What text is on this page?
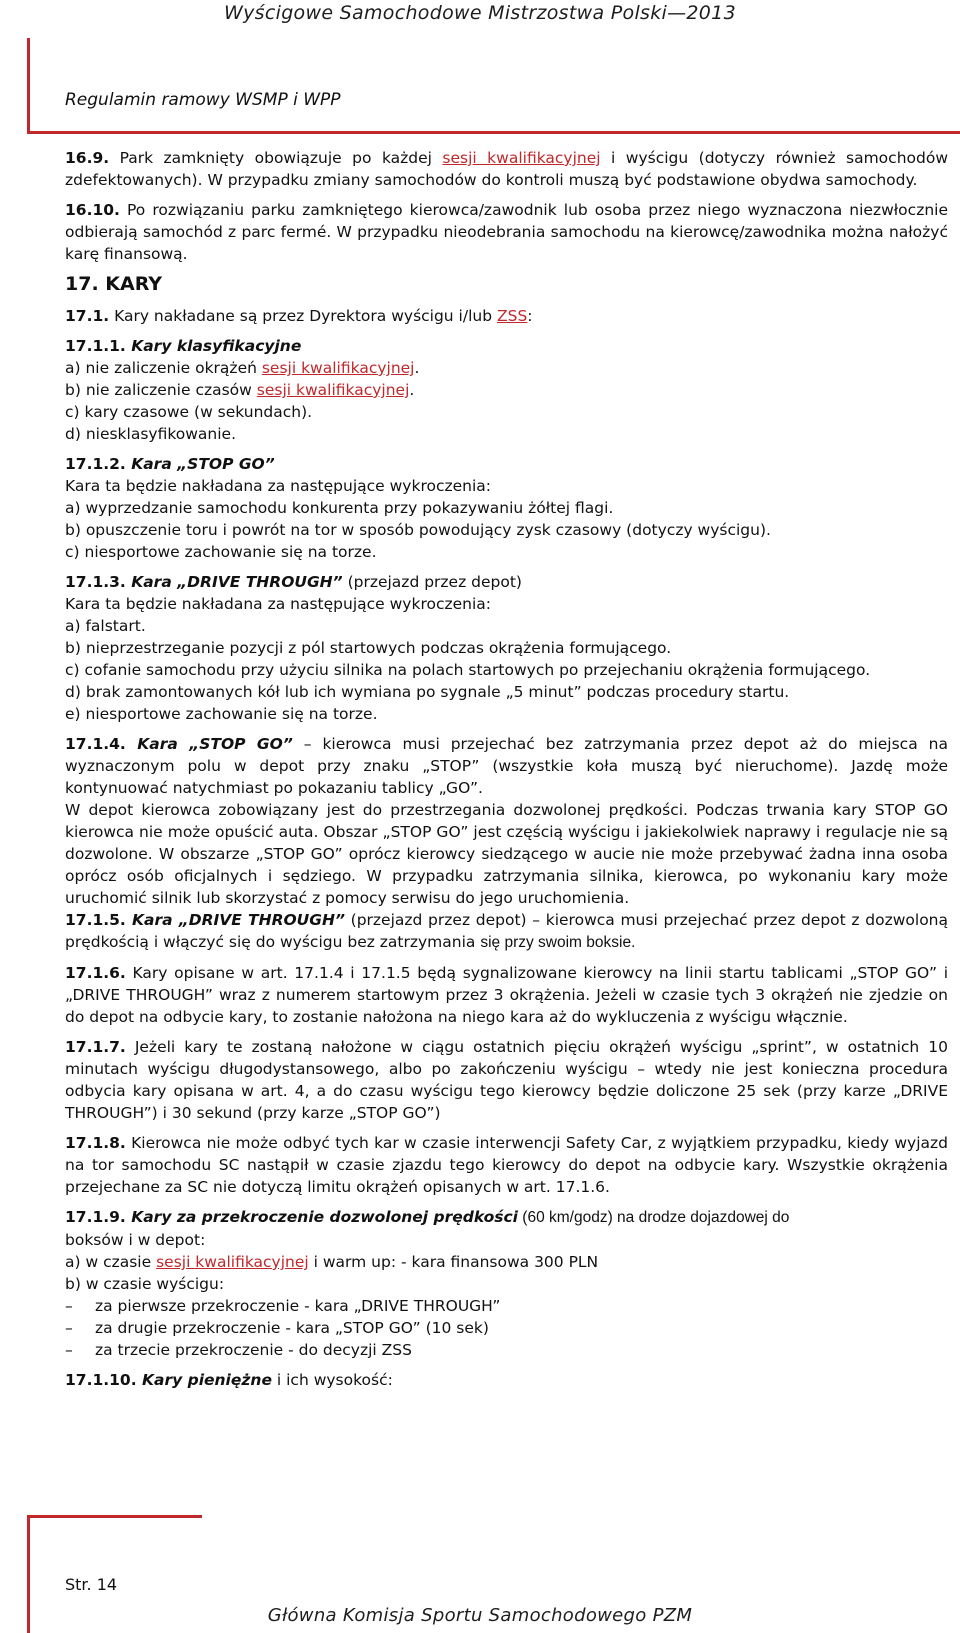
Wyścigowe Samochodowe Mistrzostwa Polski—2013
Regulamin ramowy WSMP i WPP

16.9. Park zamknięty obowiązuje po każdej sesji kwalifikacyjnej i wyścigu (dotyczy również samochodów zdefektowanych). W przypadku zmiany samochodów do kontroli muszą być podstawione obydwa samochody.

16.10. Po rozwiązaniu parku zamkniętego kierowca/zawodnik lub osoba przez niego wyznaczona niezwłocznie odbierają samochód z parc fermé. W przypadku nieodebrania samochodu na kierowcę/zawodnika można nałożyć karę finansową.

17. KARY

17.1. Kary nakładane są przez Dyrektora wyścigu i/lub ZSS:

17.1.1. Kary klasyfikacyjne

a) nie zaliczenie okrążeń sesji kwalifikacyjnej.

b) nie zaliczenie czasów sesji kwalifikacyjnej.

c) kary czasowe (w sekundach).

d) niesklasyfikowanie.

17.1.2. Kara „STOP GO”

Kara ta będzie nakładana za następujące wykroczenia:

a) wyprzedzanie samochodu konkurenta przy pokazywaniu żółtej flagi.

b) opuszczenie toru i powrót na tor w sposób powodujący zysk czasowy (dotyczy wyścigu).

c) niesportowe zachowanie się na torze.

17.1.3. Kara „DRIVE THROUGH” (przejazd przez depot)

Kara ta będzie nakładana za następujące wykroczenia:

a) falstart.

b) nieprzestrzeganie pozycji z pól startowych podczas okrążenia formującego.

c) cofanie samochodu przy użyciu silnika na polach startowych po przejechaniu okrążenia formującego.

d) brak zamontowanych kół lub ich wymiana po sygnale „5 minut” podczas procedury startu.

e) niesportowe zachowanie się na torze.

17.1.4. Kara „STOP GO” – kierowca musi przejechać bez zatrzymania przez depot aż do miejsca na wyznaczonym polu w depot przy znaku „STOP” (wszystkie koła muszą być nieruchome). Jazdę może kontynuować natychmiast po pokazaniu tablicy „GO”.

W depot kierowca zobowiązany jest do przestrzegania dozwolonej prędkości. Podczas trwania kary STOP GO kierowca nie może opuścić auta. Obszar „STOP GO” jest częścią wyścigu i jakiekolwiek naprawy i regulacje nie są dozwolone. W obszarze „STOP GO” oprócz kierowcy siedzącego w aucie nie może przebywać żadna inna osoba oprócz osób oficjalnych i sędziego. W przypadku zatrzymania silnika, kierowca, po wykonaniu kary może uruchomić silnik lub skorzystać z pomocy serwisu do jego uruchomienia.

17.1.5. Kara „DRIVE THROUGH” (przejazd przez depot) – kierowca musi przejechać przez depot z dozwoloną prędkością i włączyć się do wyścigu bez zatrzymania się przy swoim boksie.

17.1.6. Kary opisane w art. 17.1.4 i 17.1.5 będą sygnalizowane kierowcy na linii startu tablicami „STOP GO” i „DRIVE THROUGH” wraz z numerem startowym przez 3 okrążenia. Jeżeli w czasie tych 3 okrążeń nie zjedzie on do depot na odbycie kary, to zostanie nałożona na niego kara aż do wykluczenia z wyścigu włącznie.

17.1.7. Jeżeli kary te zostaną nałożone w ciągu ostatnich pięciu okrążeń wyścigu „sprint”, w ostatnich 10 minutach wyścigu długodystansowego, albo po zakończeniu wyścigu – wtedy nie jest konieczna procedura odbycia kary opisana w art. 4, a do czasu wyścigu tego kierowcy będzie doliczone 25 sek (przy karze „DRIVE THROUGH”) i 30 sekund (przy karze „STOP GO”)

17.1.8. Kierowca nie może odbyć tych kar w czasie interwencji Safety Car, z wyjątkiem przypadku, kiedy wyjazd na tor samochodu SC nastąpił w czasie zjazdu tego kierowcy do depot na odbycie kary. Wszystkie okrążenia przejechane za SC nie dotyczą limitu okrążeń opisanych w art. 17.1.6.

17.1.9. Kary za przekroczenie dozwolonej prędkości (60 km/godz) na drodze dojazdowej do

boksów i w depot:

a) w czasie sesji kwalifikacyjnej i warm up: - kara finansowa 300 PLN

b) w czasie wyścigu:

– za pierwsze przekroczenie - kara „DRIVE THROUGH”

– za drugie przekroczenie - kara „STOP GO” (10 sek)

– za trzecie przekroczenie - do decyzji ZSS

17.1.10. Kary pieniężne i ich wysokość:

Str. 14
Główna Komisja Sportu Samochodowego PZM
